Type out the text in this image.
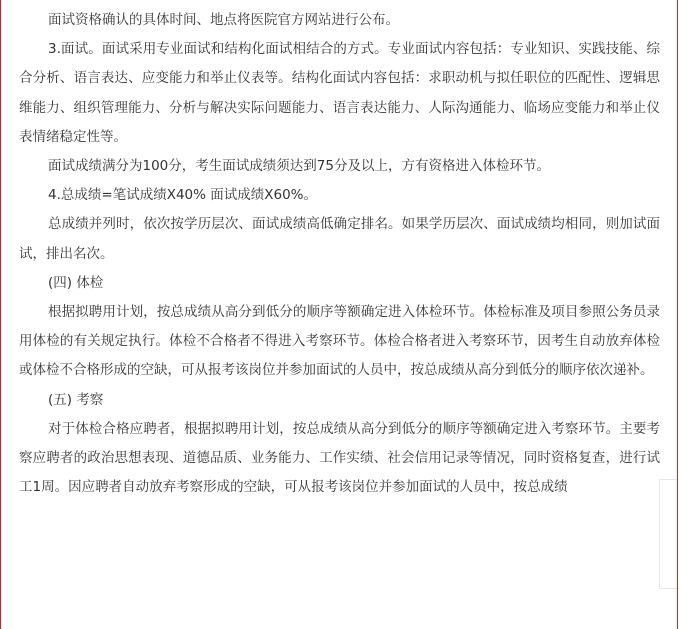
面试资格确认的具体时间、地点将医院官方网站进行公布。

3.面试。面试采用专业面试和结构化面试相结合的方式。专业面试内容包括：专业知识、实践技能、综合分析、语言表达、应变能力和举止仪表等。结构化面试内容包括：求职动机与拟任职位的匹配性、逻辑思维能力、组织管理能力、分析与解决实际问题能力、语言表达能力、人际沟通能力、临场应变能力和举止仪表情绪稳定性等。

面试成绩满分为100分，考生面试成绩须达到75分及以上，方有资格进入体检环节。

4.总成绩=笔试成绩X40% 面试成绩X60%。

总成绩并列时，依次按学历层次、面试成绩高低确定排名。如果学历层次、面试成绩均相同，则加试面试，排出名次。

(四) 体检

根据拟聘用计划，按总成绩从高分到低分的顺序等额确定进入体检环节。体检标准及项目参照公务员录用体检的有关规定执行。体检不合格者不得进入考察环节。体检合格者进入考察环节，因考生自动放弃体检或体检不合格形成的空缺，可从报考该岗位并参加面试的人员中，按总成绩从高分到低分的顺序依次递补。

(五) 考察

对于体检合格应聘者，根据拟聘用计划，按总成绩从高分到低分的顺序等额确定进入考察环节。主要考察应聘者的政治思想表现、道德品质、业务能力、工作实绩、社会信用记录等情况，同时资格复查，进行试工1周。因应聘者自动放弃考察形成的空缺，可从报考该岗位并参加面试的人员中，按总成绩
